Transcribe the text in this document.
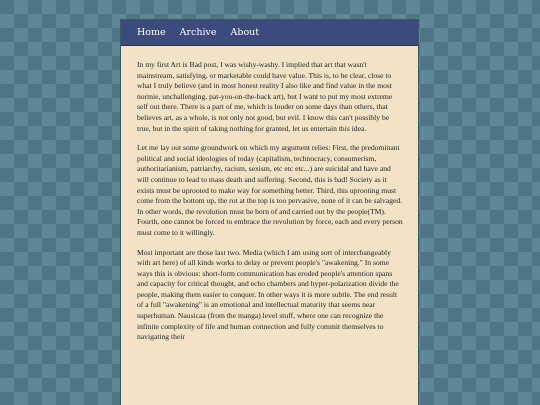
Home Archive About

In my first Art is Bad post, I was wishy-washy. I implied that art that wasn't mainstream, satisfying, or marketable could have value. This is, to be clear, close to what I truly believe (and in most honest reality I also like and find value in the most normie, unchallenging, pat-you-on-the-back art), but I want to put my most extreme self out there. There is a part of me, which is louder on some days than others, that believes art, as a whole, is not only not good, but evil. I know this can't possibly be true, but in the spirit of taking nothing for granted, let us entertain this idea.

Let me lay out some groundwork on which my argument relies: First, the predominant political and social ideologies of today (capitalism, technocracy, consumerism, authoritarianism, patriarchy, racism, sexism, etc etc etc...) are suicidal and have and will continue to lead to mass death and suffering. Second, this is bad! Society as it exists must be uprooted to make way for something better. Third, this uprooting must come from the bottom up, the rot at the top is too pervasive, none of it can be salvaged. In other words, the revolution must be born of and carried out by the people(TM). Fourth, one cannot be forced to embrace the revolution by force, each and every person must come to it willingly.

Most important are those last two. Media (which I am using sort of interchangeably with art here) of all kinds works to delay or prevent people's "awakening." In some ways this is obvious: short-form communication has eroded people's attention spans and capacity for critical thought, and echo chambers and hyper-polarization divide the people, making them easier to conquer. In other ways it is more subtle. The end result of a full "awakening" is an emotional and intellectual maturity that seems near superhuman. Nausicaa (from the manga) level stuff, where one can recognize the infinite complexity of life and human connection and fully commit themselves to navigating their
